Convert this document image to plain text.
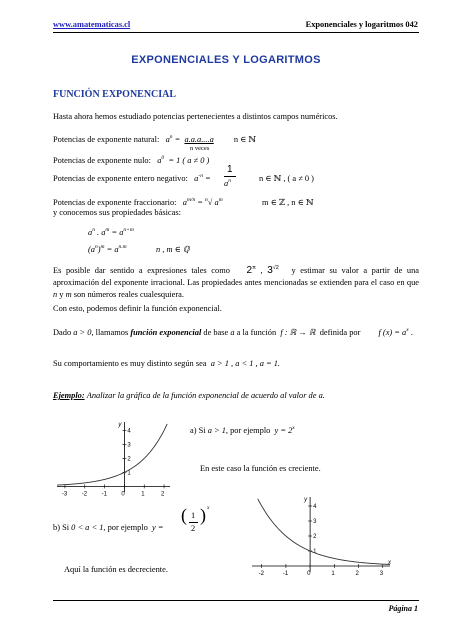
www.amatematicas.cl	Exponenciales y logaritmos 042
EXPONENCIALES Y LOGARITMOS
FUNCIÓN EXPONENCIAL
Hasta ahora hemos estudiado potencias pertenecientes a distintos campos numéricos.
Potencias de exponente natural:   $a^n = a.a.a....a$ n ∈ ℕ
n veces
Potencias de exponente nulo:   $a^0 = 1$ ( a ≠ 0 )
Potencias de exponente entero negativo:   $a^{-n}$ =
1
$a^n$	n ∈ ℕ , ( a ≠ 0 )
Potencias de exponente fraccionario:   $a^{m/n} = ^n√$ $a^m$	m ∈ ℤ , n ∈ ℕ
y conocemos sus propiedades básicas:
$a^n$ . $a^m = a^{n+m}$
$(a^n)^m = a^{n.m}$	n , m ∈ ℚ
Es posible dar sentido a expresiones tales como $2^\pi$ , $3^{√2}$ y estimar su valor a partir de una aproximación del exponente irracional. Las propiedades antes mencionadas se extienden para el caso en que n y m son números reales cualesquiera.
Con esto, podemos definir la función exponencial.
Dado a > 0, llamamos función exponencial de base a a la función f : ℝ → ℝ definida por f $(x) = a^x$ .
Su comportamiento es muy distinto según sea a > 1 , a < 1 , a = 1.
Ejemplo: Analizar la gráfica de la función exponencial de acuerdo al valor de a.
a) Si a > 1, por ejemplo $y = 2^x$
En este caso la función es creciente.
b) Si 0 < a < 1, por ejemplo y =
( 1
2
) x
Aquí la función es decreciente.
-3 -2 -1 0	1	2
1
2
3
4
y
-2	-1	0	1	2	3
1
2
3
4
y
x
Página 1
